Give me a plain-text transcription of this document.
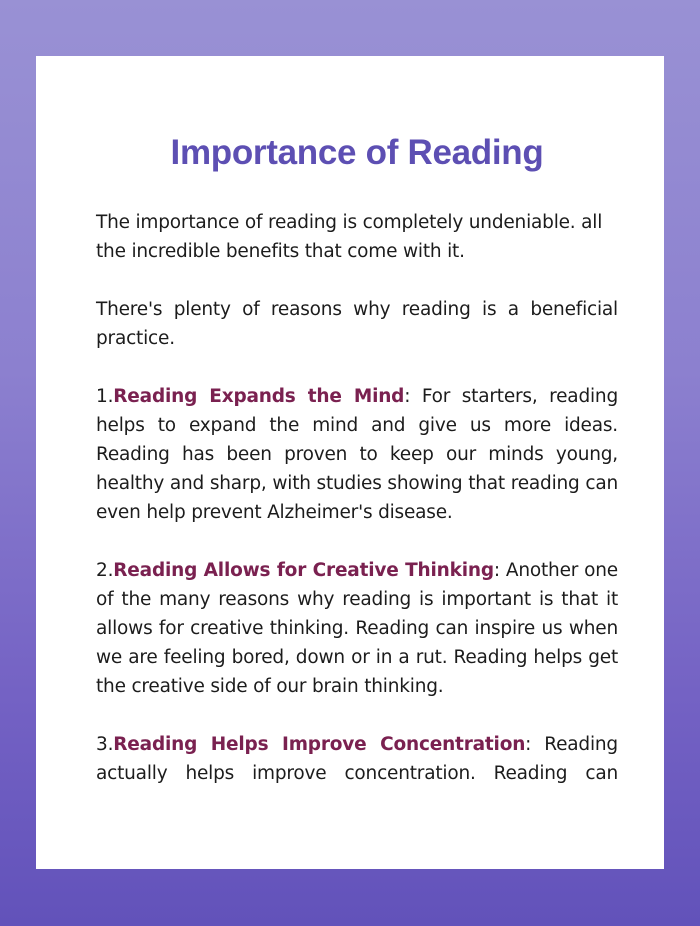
Importance of Reading

The importance of reading is completely undeniable. all the incredible benefits that come with it.

There's plenty of reasons why reading is a beneficial practice.

1.Reading Expands the Mind: For starters, reading helps to expand the mind and give us more ideas. Reading has been proven to keep our minds young, healthy and sharp, with studies showing that reading can even help prevent Alzheimer's disease.

2.Reading Allows for Creative Thinking: Another one of the many reasons why reading is important is that it allows for creative thinking. Reading can inspire us when we are feeling bored, down or in a rut. Reading helps get the creative side of our brain thinking.

3.Reading Helps Improve Concentration: Reading actually helps improve concentration. Reading can
